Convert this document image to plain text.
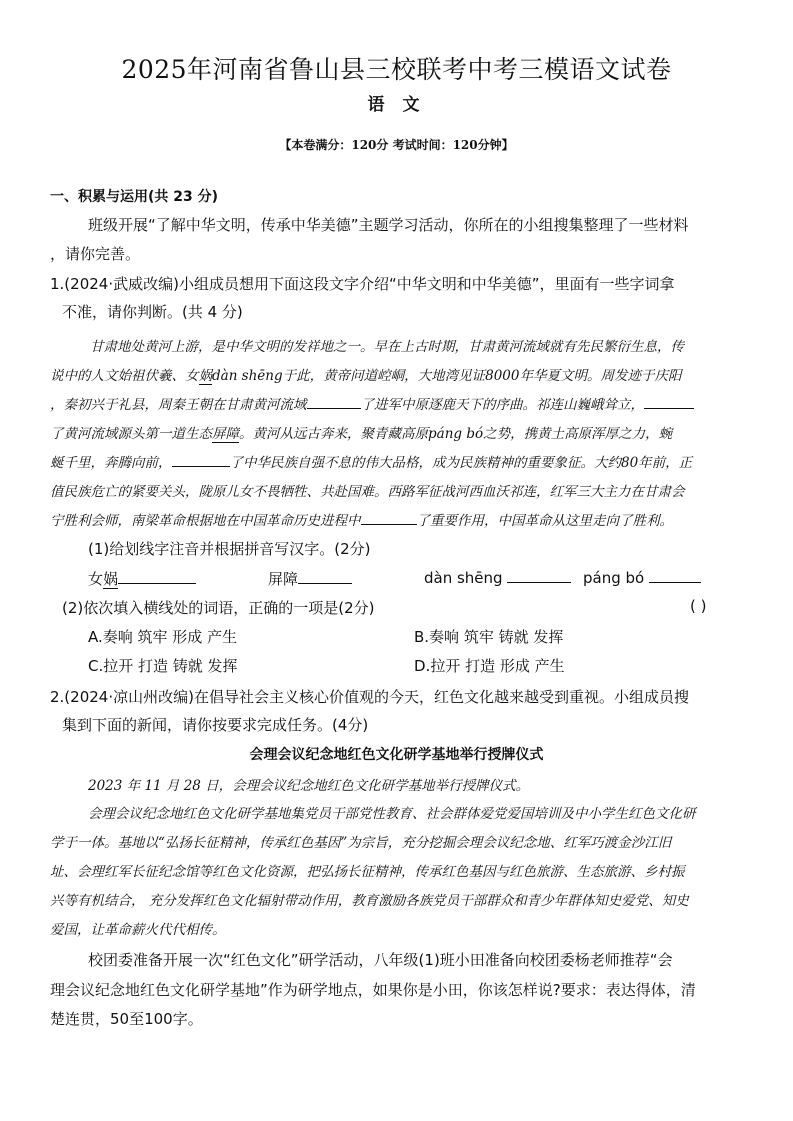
2025年河南省鲁山县三校联考中考三模语文试卷
语 文
【本卷满分：120分 考试时间：120分钟】
一、积累与运用(共 23 分)
班级开展“了解中华文明，传承中华美德”主题学习活动，你所在的小组搜集整理了一些材料
，请你完善。
1.(2024·武威改编)小组成员想用下面这段文字介绍“中华文明和中华美德”，里面有一些字词拿
不准，请你判断。(共 4 分)
甘肃地处黄河上游，是中华文明的发祥地之一。早在上古时期，甘肃黄河流域就有先民繁衍生息，传
说中的人文始祖伏羲、女娲dàn shēng于此，黄帝问道崆峒，大地湾见证8000年华夏文明。周发迹于庆阳
，秦初兴于礼县，周秦王朝在甘肃黄河流域	了进军中原逐鹿天下的序曲。祁连山巍峨耸立，
了黄河流域源头第一道生态屏障。黄河从远古奔来，聚青藏高原páng bó之势，携黄土高原浑厚之力，蜿
蜒千里，奔腾向前，	了中华民族自强不息的伟大品格，成为民族精神的重要象征。大约80年前，正
值民族危亡的紧要关头，陇原儿女不畏牺牲、共赴国难。西路军征战河西血沃祁连，红军三大主力在甘肃会
宁胜利会师，南梁革命根据地在中国革命历史进程中	了重要作用，中国革命从这里走向了胜利。
(1)给划线字注音并根据拼音写汉字。(2分)
女娲	屏障	dàn shēng	páng bó
(2)依次填入横线处的词语，正确的一项是(2分)	( )
A.奏响 筑牢 形成 产生	B.奏响 筑牢 铸就 发挥
C.拉开 打造 铸就 发挥	D.拉开 打造 形成 产生
2.(2024·凉山州改编)在倡导社会主义核心价值观的今天，红色文化越来越受到重视。小组成员搜
集到下面的新闻，请你按要求完成任务。(4分)
会理会议纪念地红色文化研学基地举行授牌仪式
2023 年 11 月 28 日，会理会议纪念地红色文化研学基地举行授牌仪式。
会理会议纪念地红色文化研学基地集党员干部党性教育、社会群体爱党爱国培训及中小学生红色文化研
学于一体。基地以“弘扬长征精神，传承红色基因”为宗旨，充分挖掘会理会议纪念地、红军巧渡金沙江旧
址、会理红军长征纪念馆等红色文化资源，把弘扬长征精神，传承红色基因与红色旅游、生态旅游、乡村振
兴等有机结合， 充分发挥红色文化辐射带动作用，教育激励各族党员干部群众和青少年群体知史爱党、知史
爱国，让革命薪火代代相传。
校团委准备开展一次“红色文化”研学活动，八年级(1)班小田准备向校团委杨老师推荐“会
理会议纪念地红色文化研学基地”作为研学地点，如果你是小田，你该怎样说?要求：表达得体，清
楚连贯，50至100字。
